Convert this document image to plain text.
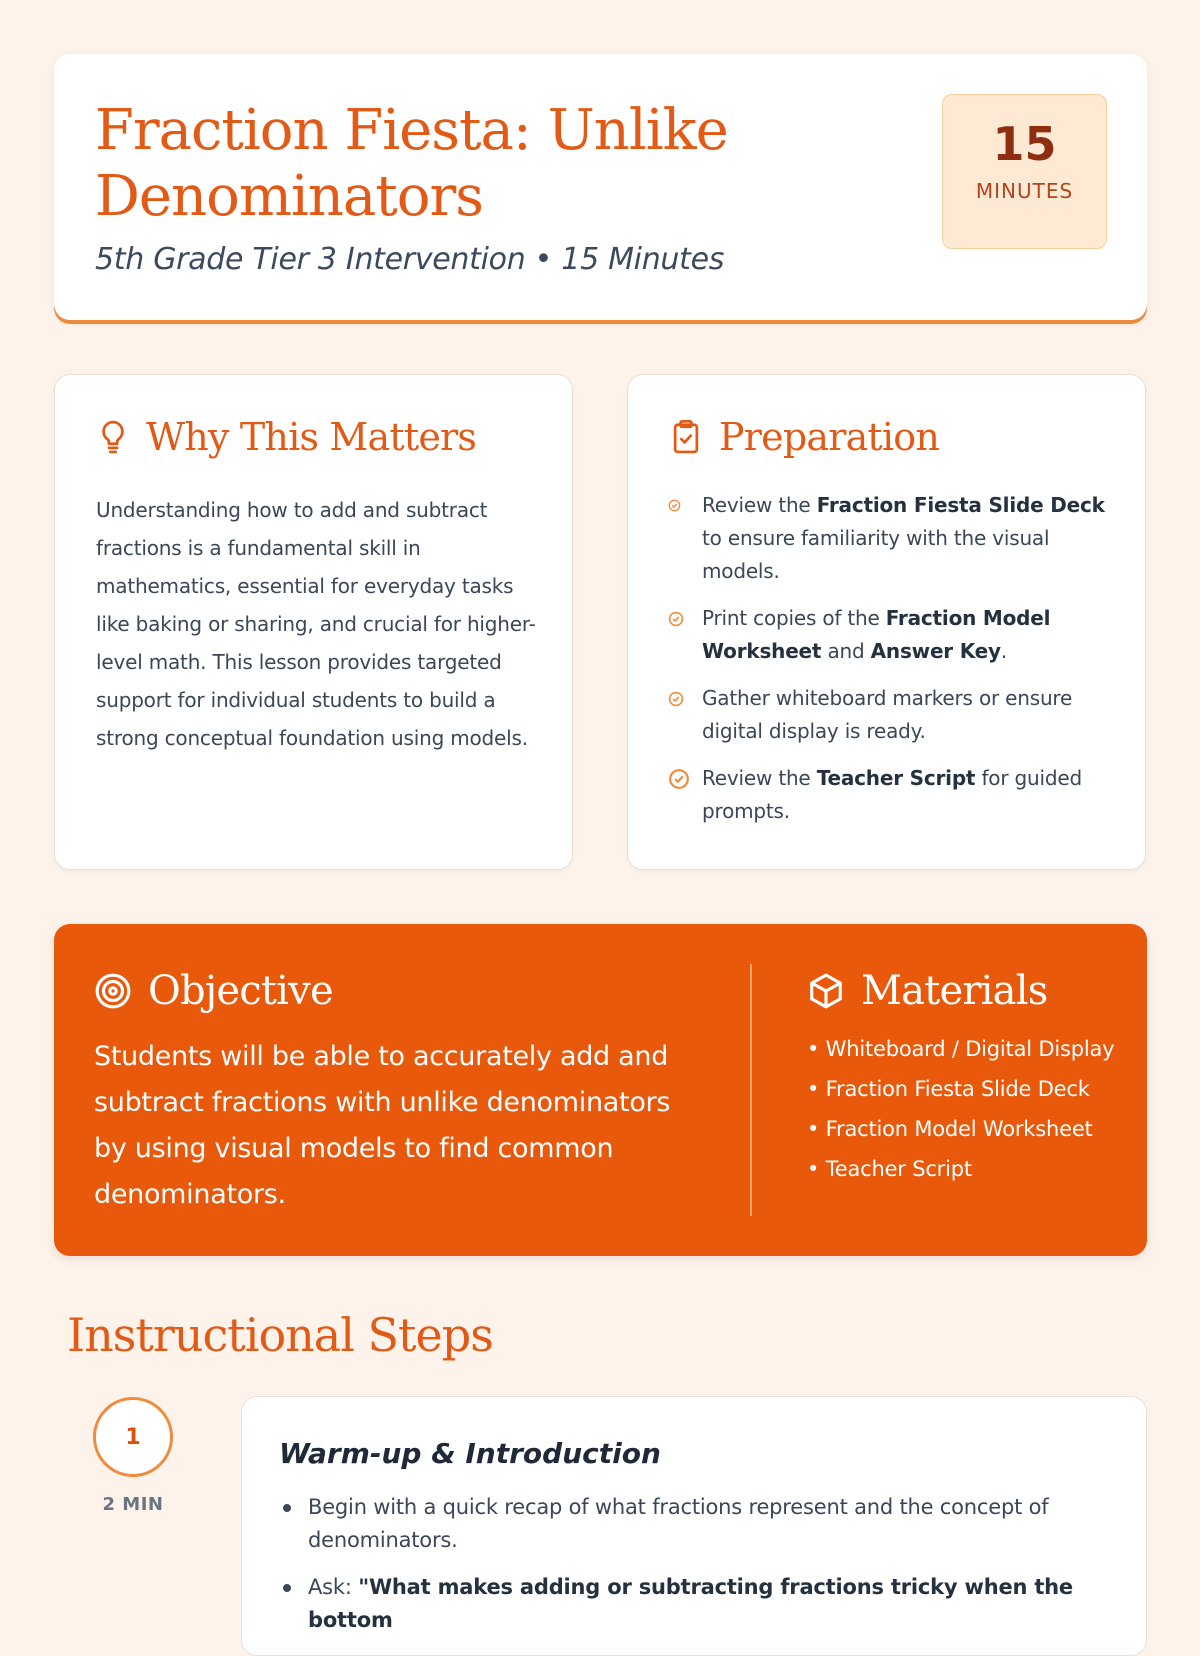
Fraction Fiesta: Unlike Denominators
5th Grade Tier 3 Intervention • 15 Minutes
15
MINUTES
Why This Matters

Understanding how to add and subtract fractions is a fundamental skill in mathematics, essential for everyday tasks like baking or sharing, and crucial for higher-level math. This lesson provides targeted support for individual students to build a strong conceptual foundation using models.

Preparation
Review the Fraction Fiesta Slide Deck to ensure familiarity with the visual models.
Print copies of the Fraction Model Worksheet and Answer Key.
Gather whiteboard markers or ensure digital display is ready.
Review the Teacher Script for guided prompts.
Objective

Students will be able to accurately add and subtract fractions with unlike denominators by using visual models to find common denominators.

Materials
• Whiteboard / Digital Display
• Fraction Fiesta Slide Deck
• Fraction Model Worksheet
• Teacher Script
Instructional Steps
1
2 MIN
Warm-up & Introduction
Begin with a quick recap of what fractions represent and the concept of denominators.
Ask: "What makes adding or subtracting fractions tricky when the bottom
